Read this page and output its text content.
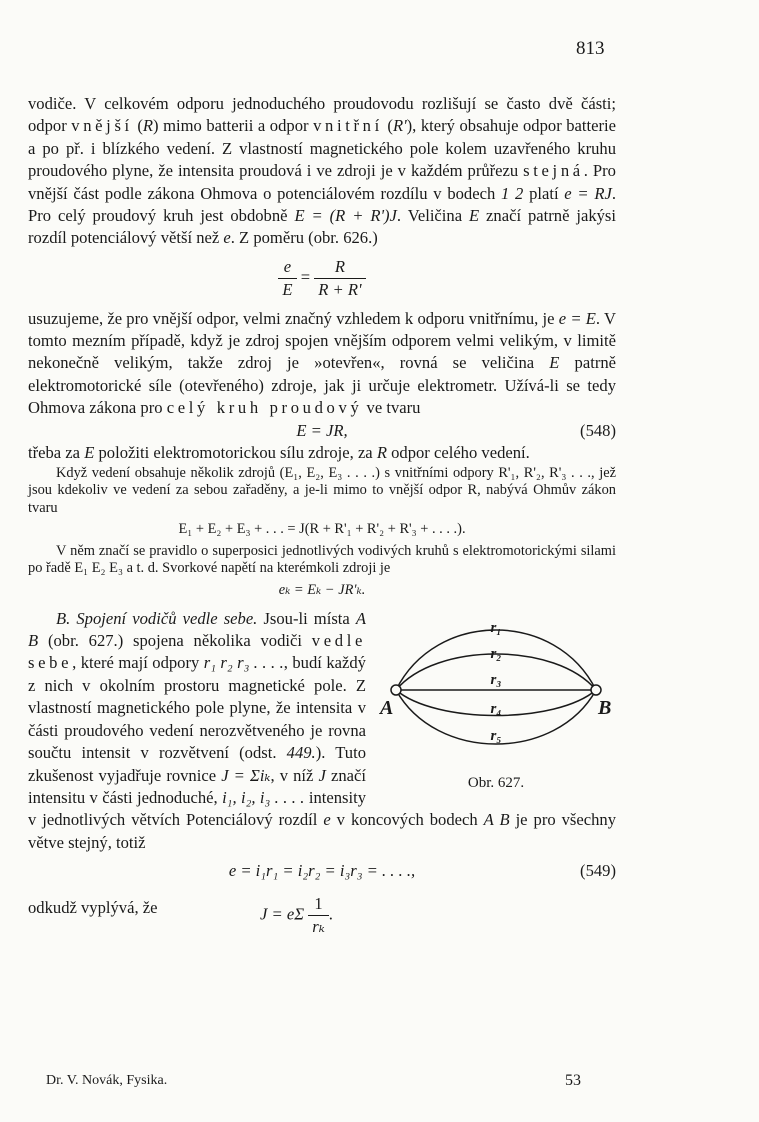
813

vodiče. V celkovém odporu jednoduchého proudovodu rozlišují se často dvě části; odpor vnější (R) mimo batterii a odpor vnitřní (R'), který obsahuje odpor batterie a po př. i blízkého vedení. Z vlastností magnetického pole kolem uzavřeného kruhu proudového plyne, že intensita proudová i ve zdroji je v každém průřezu stejná. Pro vnější část podle zákona Ohmova o potenciálovém rozdílu v bodech 1 2 platí e = RJ. Pro celý proudový kruh jest obdobně E = (R + R')J. Veličina E značí patrně jakýsi rozdíl potenciálový větší než e. Z poměru (obr. 626.)

$\frac{e}{E} = \frac{R}{R + R'}$

usuzujeme, že pro vnější odpor, velmi značný vzhledem k odporu vnitřnímu, je e = E. V tomto mezním případě, když je zdroj spojen vnějším odporem velmi velikým, v limitě nekonečně velikým, takže zdroj je »otevřen«, rovná se veličina E patrně elektromotorické síle (otevřeného) zdroje, jak ji určuje elektrometr. Užívá-li se tedy Ohmova zákona pro celý kruh proudový ve tvaru

E = JR,	(548)

třeba za E položiti elektromotorickou sílu zdroje, za R odpor celého vedení.

Když vedení obsahuje několik zdrojů (E₁, E₂, E₃ . . . .) s vnitřními odpory R'₁, R'₂, R'₃ . . ., jež jsou kdekoliv ve vedení za sebou zařaděny, a je-li mimo to vnější odpor R, nabývá Ohmův zákon tvaru

E₁ + E₂ + E₃ + . . . = J(R + R'₁ + R'₂ + R'₃ + . . . .).

V něm značí se pravidlo o superposici jednotlivých vodivých kruhů s elektromotorickými silami po řadě E₁ E₂ E₃ a t. d. Svorkové napětí na kterémkoli zdroji je

eₖ = Eₖ − JR'ₖ.
r₁
r₂
r₃
r₄
r₅
A	B
Obr. 627.

B. Spojení vodičů vedle sebe. Jsou-li místa A B (obr. 627.) spojena několika vodiči vedle sebe, které mají odpory r₁ r₂ r₃ . . . ., budí každý z nich v okolním prostoru magnetické pole. Z vlastností magnetického pole plyne, že intensita v části proudového vedení nerozvětveného je rovna součtu intensit v rozvětvení (odst. 449.). Tuto zkušenost vyjadřuje rovnice J = Σiₖ, v níž J značí intensitu v části jednoduché, i₁, i₂, i₃ . . . . intensity v jednotlivých větvích Potenciálový rozdíl e v koncových bodech A B je pro všechny větve stejný, totiž

e = i₁r₁ = i₂r₂ = i₃r₃ = . . . .,	(549)
odkudž vyplývá, že	J = eΣ $\frac{1}{\text{rₖ}}$ .
Dr. V. Novák, Fysika.	53
